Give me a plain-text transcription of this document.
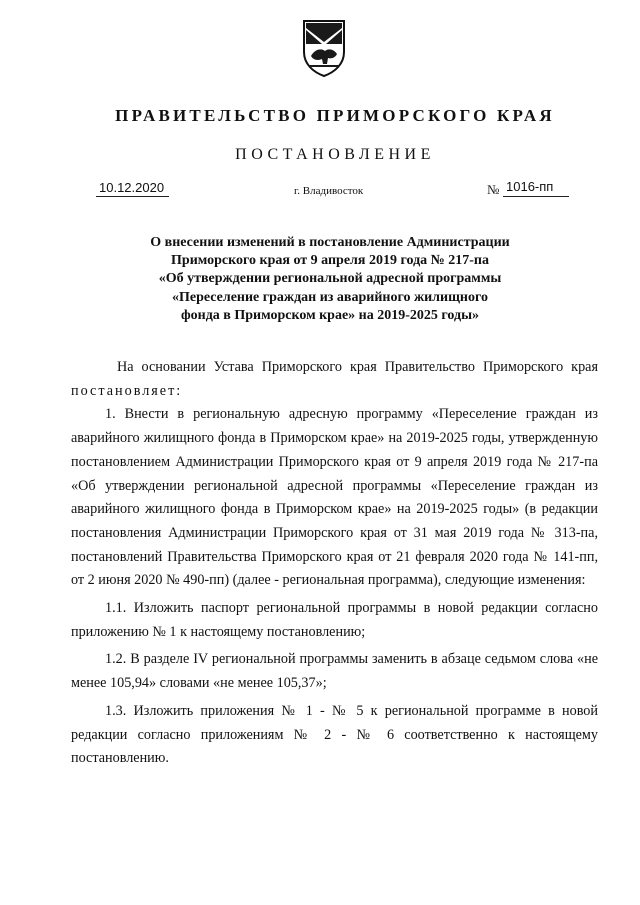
ПРАВИТЕЛЬСТВО ПРИМОРСКОГО КРАЯ
ПОСТАНОВЛЕНИЕ
10.12.2020	г. Владивосток	№ 1016-пп
О внесении изменений в постановление Администрации
Приморского края от 9 апреля 2019 года № 217-па
«Об утверждении региональной адресной программы
«Переселение граждан из аварийного жилищного
фонда в Приморском крае» на 2019-2025 годы»

На основании Устава Приморского края Правительство Приморского края постановляет:

1. Внести в региональную адресную программу «Переселение граждан из аварийного жилищного фонда в Приморском крае» на 2019-2025 годы, утвержденную постановлением Администрации Приморского края от 9 апреля 2019 года № 217-па «Об утверждении региональной адресной программы «Переселение граждан из аварийного жилищного фонда в Приморском крае» на 2019-2025 годы» (в редакции постановления Администрации Приморского края от 31 мая 2019 года № 313-па, постановлений Правительства Приморского края от 21 февраля 2020 года № 141-пп, от 2 июня 2020 № 490-пп) (далее - региональная программа), следующие изменения:

1.1. Изложить паспорт региональной программы в новой редакции согласно приложению № 1 к настоящему постановлению;

1.2. В разделе IV региональной программы заменить в абзаце седьмом слова «не менее 105,94» словами «не менее 105,37»;

1.3. Изложить приложения № 1 - № 5 к региональной программе в новой редакции согласно приложениям № 2 - № 6 соответственно к настоящему постановлению.
